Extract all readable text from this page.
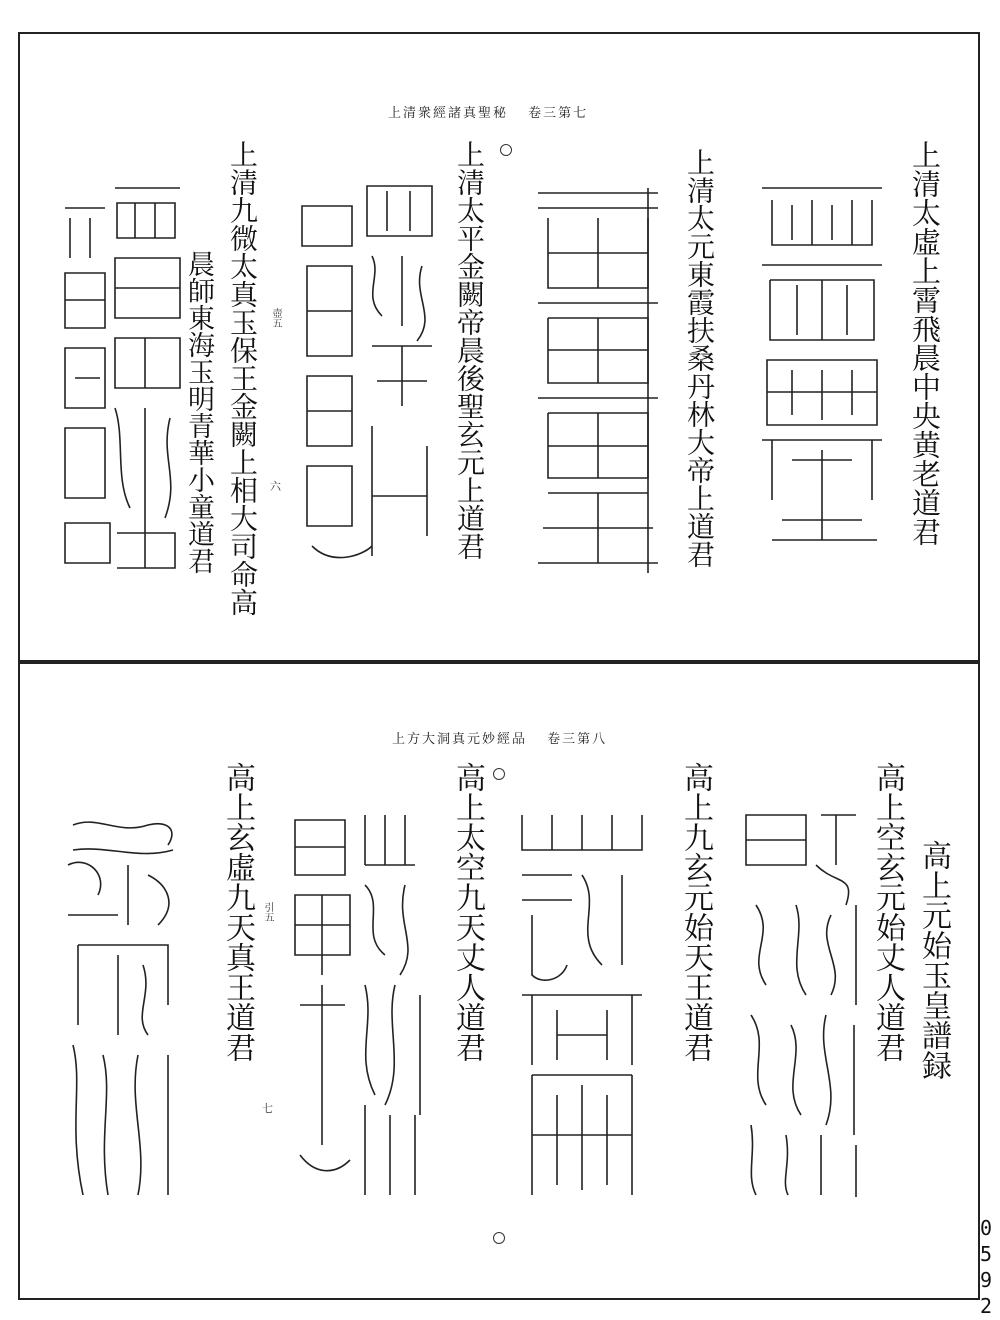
上清衆經諸真聖秘 卷三第七
上清太虛上霄飛晨中央黄老道君
上清太元東霞扶桑丹林大帝上道君
上清太平金闕帝晨後聖玄元上道君
上清九微太真玉保王金闕上相大司命高
晨師東海玉明青華小童道君	六
壺五
上方大洞真元妙經品 卷三第八
高上元始玉皇譜録
高上空玄元始丈人道君
高上九玄元始天王道君
高上太空九天丈人道君
高上玄虛九天真王道君
七
引五
0592
